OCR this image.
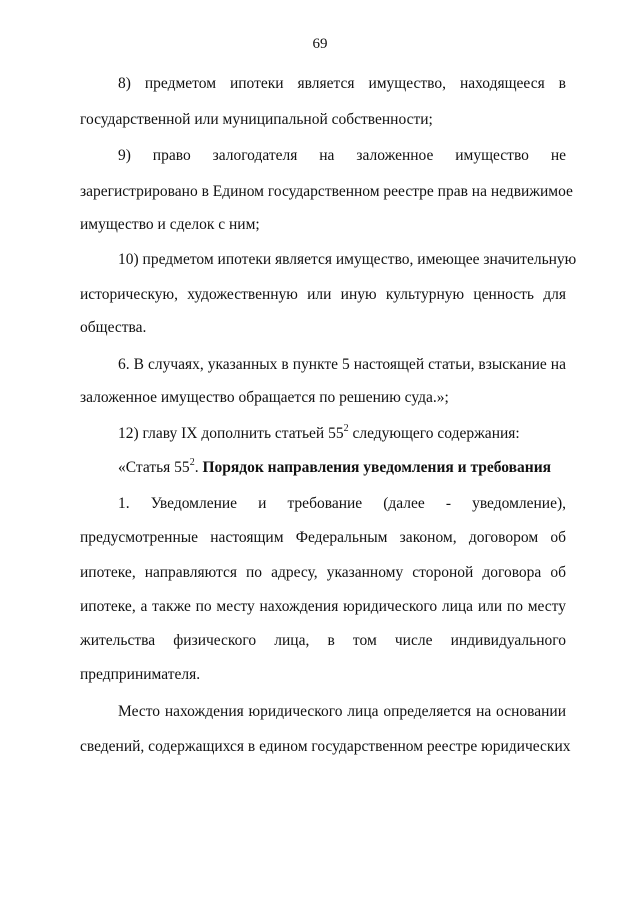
69
8) предметом ипотеки является имущество, находящееся в
государственной или муниципальной собственности;
9) право залогодателя на заложенное имущество не
зарегистрировано в Едином государственном реестре прав на недвижимое
имущество и сделок с ним;
10) предметом ипотеки является имущество, имеющее значительную
историческую, художественную или иную культурную ценность для
общества.
6. В случаях, указанных в пункте 5 настоящей статьи, взыскание на
заложенное имущество обращается по решению суда.»;
12) главу IX дополнить статьей $55^2$ следующего содержания:
«Статья $55^2$. Порядок направления уведомления и требования
1. Уведомление и требование (далее - уведомление),
предусмотренные настоящим Федеральным законом, договором об
ипотеке, направляются по адресу, указанному стороной договора об
ипотеке, а также по месту нахождения юридического лица или по месту
жительства физического лица, в том числе индивидуального
предпринимателя.
Место нахождения юридического лица определяется на основании
сведений, содержащихся в едином государственном реестре юридических
